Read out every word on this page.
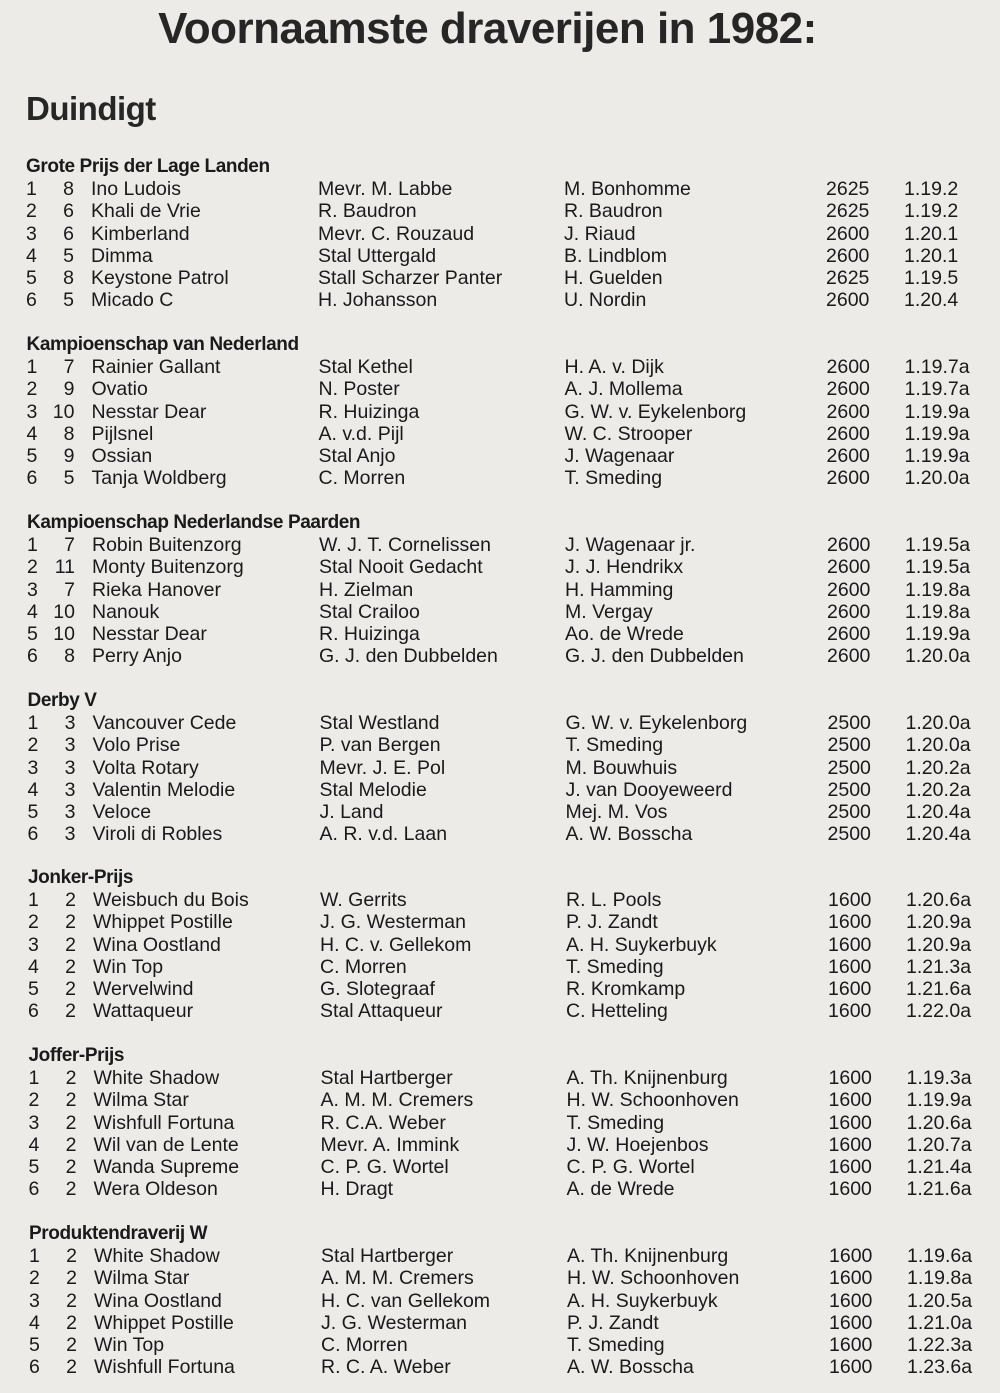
Voornaamste draverijen in 1982:
Duindigt
Grote Prijs der Lage Landen
1	8 Ino Ludois	Mevr. M. Labbe	M. Bonhomme	2625 1.19.2
2	6 Khali de Vrie	R. Baudron	R. Baudron	2625 1.19.2
3	6 Kimberland	Mevr. C. Rouzaud	J. Riaud	2600 1.20.1
4	5 Dimma	Stal Uttergald	B. Lindblom	2600 1.20.1
5	8 Keystone Patrol	Stall Scharzer Panter	H. Guelden	2625 1.19.5
6	5 Micado C	H. Johansson	U. Nordin	2600 1.20.4
Kampioenschap van Nederland
1	7 Rainier Gallant	Stal Kethel	H. A. v. Dijk	2600 1.19.7a
2	9 Ovatio	N. Poster	A. J. Mollema	2600 1.19.7a
3 10 Nesstar Dear	R. Huizinga	G. W. v. Eykelenborg	2600 1.19.9a
4	8 Pijlsnel	A. v.d. Pijl	W. C. Strooper	2600 1.19.9a
5	9 Ossian	Stal Anjo	J. Wagenaar	2600 1.19.9a
6	5 Tanja Woldberg	C. Morren	T. Smeding	2600 1.20.0a
Kampioenschap Nederlandse Paarden
1	7 Robin Buitenzorg	W. J. T. Cornelissen	J. Wagenaar jr.	2600 1.19.5a
2 11 Monty Buitenzorg	Stal Nooit Gedacht	J. J. Hendrikx	2600 1.19.5a
3	7 Rieka Hanover	H. Zielman	H. Hamming	2600 1.19.8a
4 10 Nanouk	Stal Crailoo	M. Vergay	2600 1.19.8a
5 10 Nesstar Dear	R. Huizinga	Ao. de Wrede	2600 1.19.9a
6	8 Perry Anjo	G. J. den Dubbelden	G. J. den Dubbelden	2600 1.20.0a
Derby V
1	3 Vancouver Cede	Stal Westland	G. W. v. Eykelenborg	2500 1.20.0a
2	3 Volo Prise	P. van Bergen	T. Smeding	2500 1.20.0a
3	3 Volta Rotary	Mevr. J. E. Pol	M. Bouwhuis	2500 1.20.2a
4	3 Valentin Melodie	Stal Melodie	J. van Dooyeweerd	2500 1.20.2a
5	3 Veloce	J. Land	Mej. M. Vos	2500 1.20.4a
6	3 Viroli di Robles	A. R. v.d. Laan	A. W. Bosscha	2500 1.20.4a
Jonker-Prijs
1	2 Weisbuch du Bois	W. Gerrits	R. L. Pools	1600 1.20.6a
2	2 Whippet Postille	J. G. Westerman	P. J. Zandt	1600 1.20.9a
3	2 Wina Oostland	H. C. v. Gellekom	A. H. Suykerbuyk	1600 1.20.9a
4	2 Win Top	C. Morren	T. Smeding	1600 1.21.3a
5	2 Wervelwind	G. Slotegraaf	R. Kromkamp	1600 1.21.6a
6	2 Wattaqueur	Stal Attaqueur	C. Hetteling	1600 1.22.0a
Joffer-Prijs
1	2 White Shadow	Stal Hartberger	A. Th. Knijnenburg	1600 1.19.3a
2	2 Wilma Star	A. M. M. Cremers	H. W. Schoonhoven	1600 1.19.9a
3	2 Wishfull Fortuna	R. C.A. Weber	T. Smeding	1600 1.20.6a
4	2 Wil van de Lente	Mevr. A. Immink	J. W. Hoejenbos	1600 1.20.7a
5	2 Wanda Supreme	C. P. G. Wortel	C. P. G. Wortel	1600 1.21.4a
6	2 Wera Oldeson	H. Dragt	A. de Wrede	1600 1.21.6a
Produktendraverij W
1	2 White Shadow	Stal Hartberger	A. Th. Knijnenburg	1600 1.19.6a
2	2 Wilma Star	A. M. M. Cremers	H. W. Schoonhoven	1600 1.19.8a
3	2 Wina Oostland	H. C. van Gellekom	A. H. Suykerbuyk	1600 1.20.5a
4	2 Whippet Postille	J. G. Westerman	P. J. Zandt	1600 1.21.0a
5	2 Win Top	C. Morren	T. Smeding	1600 1.22.3a
6	2 Wishfull Fortuna	R. C. A. Weber	A. W. Bosscha	1600 1.23.6a
